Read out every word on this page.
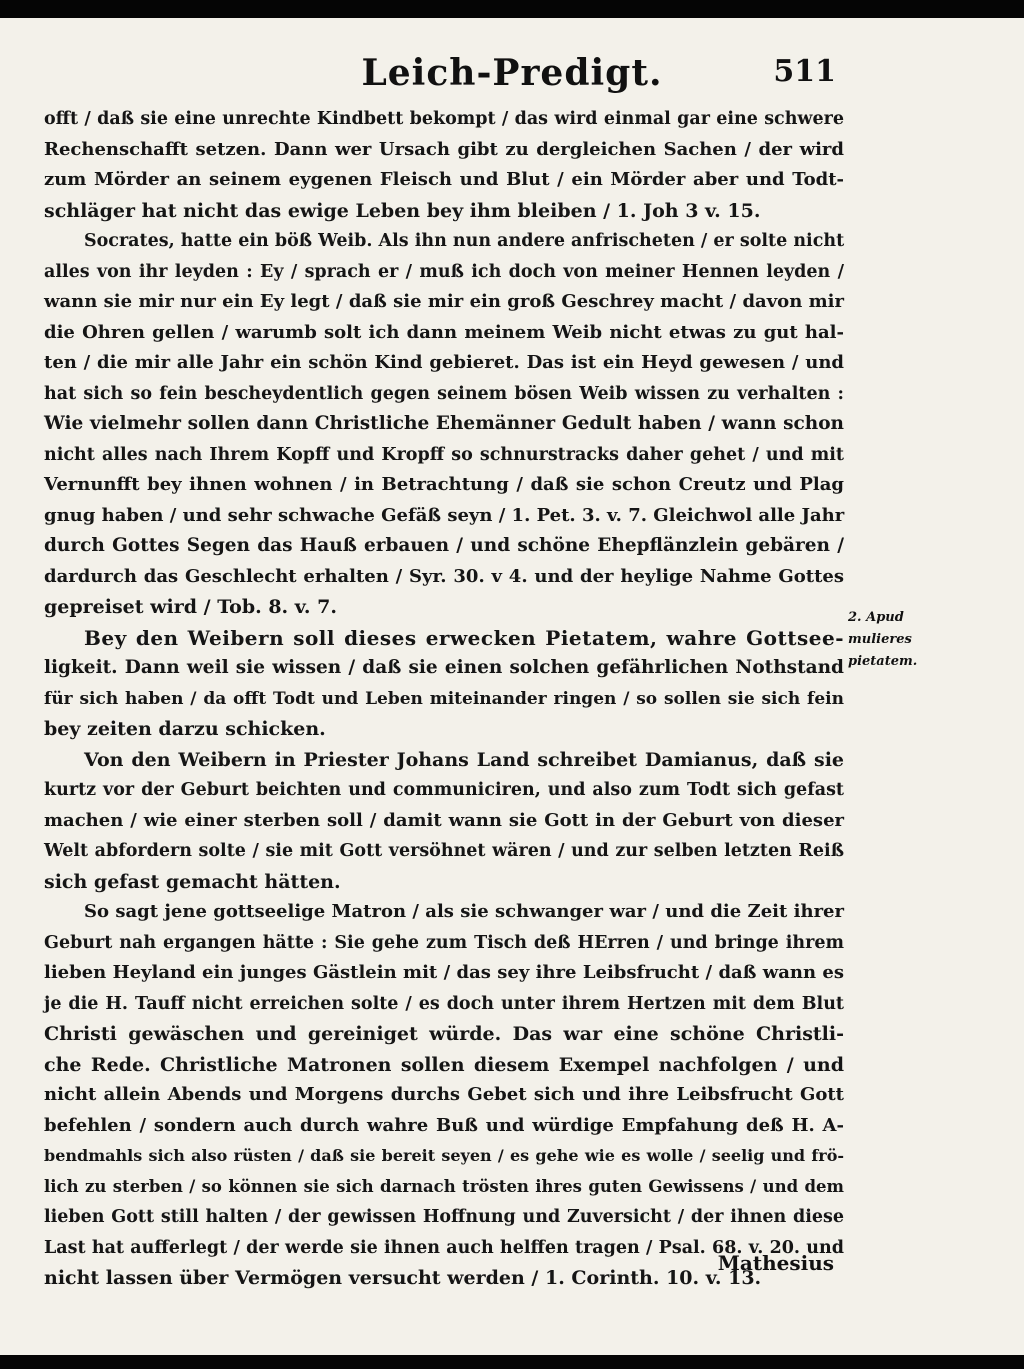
Leich-Predigt.	511
offt / daß sie eine unrechte Kindbett bekompt / das wird einmal gar eine schwere
Rechenschafft setzen. Dann wer Ursach gibt zu dergleichen Sachen / der wird
zum Mörder an seinem eygenen Fleisch und Blut / ein Mörder aber und Todt-
schläger hat nicht das ewige Leben bey ihm bleiben / 1. Joh 3 v. 15.
Socrates, hatte ein böß Weib. Als ihn nun andere anfrischeten / er solte nicht
alles von ihr leyden : Ey / sprach er / muß ich doch von meiner Hennen leyden /
wann sie mir nur ein Ey legt / daß sie mir ein groß Geschrey macht / davon mir
die Ohren gellen / warumb solt ich dann meinem Weib nicht etwas zu gut hal-
ten / die mir alle Jahr ein schön Kind gebieret. Das ist ein Heyd gewesen / und
hat sich so fein bescheydentlich gegen seinem bösen Weib wissen zu verhalten :
Wie vielmehr sollen dann Christliche Ehemänner Gedult haben / wann schon
nicht alles nach Ihrem Kopff und Kropff so schnurstracks daher gehet / und mit
Vernunfft bey ihnen wohnen / in Betrachtung / daß sie schon Creutz und Plag
gnug haben / und sehr schwache Gefäß seyn / 1. Pet. 3. v. 7. Gleichwol alle Jahr
durch Gottes Segen das Hauß erbauen / und schöne Ehepflänzlein gebären /
dardurch das Geschlecht erhalten / Syr. 30. v 4. und der heylige Nahme Gottes
gepreiset wird / Tob. 8. v. 7.
Bey den Weibern soll dieses erwecken Pietatem, wahre Gottsee-
ligkeit. Dann weil sie wissen / daß sie einen solchen gefährlichen Nothstand
für sich haben / da offt Todt und Leben miteinander ringen / so sollen sie sich fein
bey zeiten darzu schicken.
Von den Weibern in Priester Johans Land schreibet Damianus, daß sie
kurtz vor der Geburt beichten und communiciren, und also zum Todt sich gefast
machen / wie einer sterben soll / damit wann sie Gott in der Geburt von dieser
Welt abfordern solte / sie mit Gott versöhnet wären / und zur selben letzten Reiß
sich gefast gemacht hätten.
So sagt jene gottseelige Matron / als sie schwanger war / und die Zeit ihrer
Geburt nah ergangen hätte : Sie gehe zum Tisch deß HErren / und bringe ihrem
lieben Heyland ein junges Gästlein mit / das sey ihre Leibsfrucht / daß wann es
je die H. Tauff nicht erreichen solte / es doch unter ihrem Hertzen mit dem Blut
Christi gewäschen und gereiniget würde. Das war eine schöne Christli-
che Rede. Christliche Matronen sollen diesem Exempel nachfolgen / und
nicht allein Abends und Morgens durchs Gebet sich und ihre Leibsfrucht Gott
befehlen / sondern auch durch wahre Buß und würdige Empfahung deß H. A-
bendmahls sich also rüsten / daß sie bereit seyen / es gehe wie es wolle / seelig und frö-
lich zu sterben / so können sie sich darnach trösten ihres guten Gewissens / und dem
lieben Gott still halten / der gewissen Hoffnung und Zuversicht / der ihnen diese
Last hat aufferlegt / der werde sie ihnen auch helffen tragen / Psal. 68. v. 20. und
nicht lassen über Vermögen versucht werden / 1. Corinth. 10. v. 13.
2. Apud
mulieres
pietatem.
Mathesius
